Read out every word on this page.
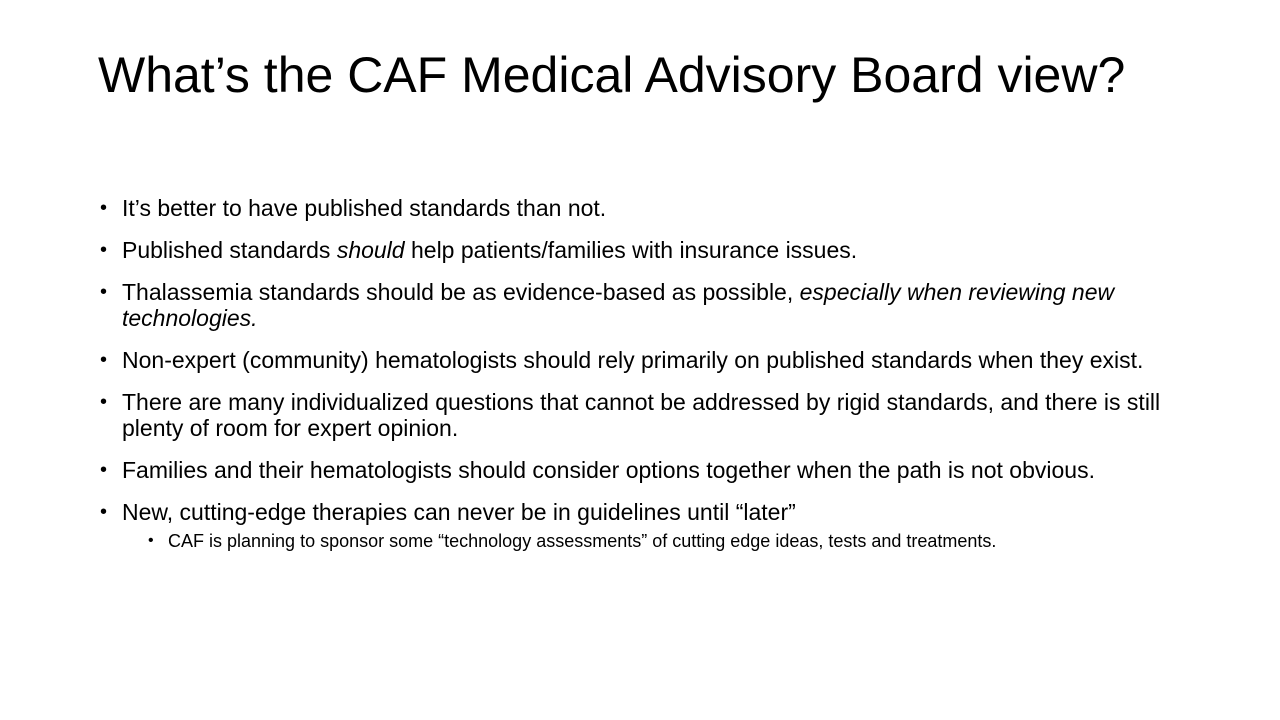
What’s the CAF Medical Advisory Board view?
• It’s better to have published standards than not.
• Published standards should help patients/families with insurance issues.
• Thalassemia standards should be as evidence-based as possible, especially when reviewing new technologies.
• Non-expert (community) hematologists should rely primarily on published standards when they exist.
• There are many individualized questions that cannot be addressed by rigid standards, and there is still plenty of room for expert opinion.
• Families and their hematologists should consider options together when the path is not obvious.
• New, cutting-edge therapies can never be in guidelines until “later”
• CAF is planning to sponsor some “technology assessments” of cutting edge ideas, tests and treatments.
